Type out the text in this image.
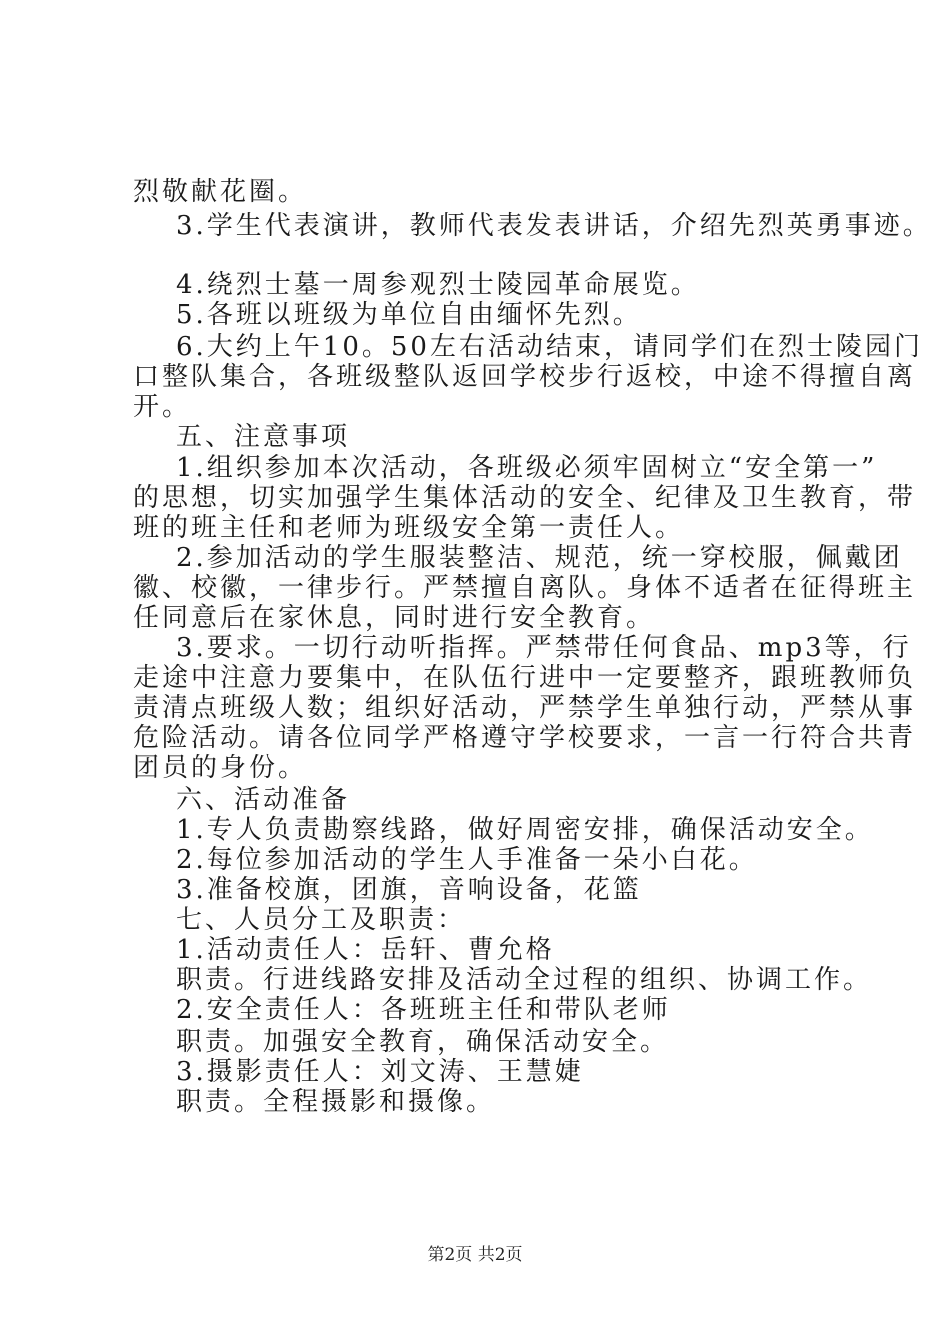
烈敬献花圈。
3.学生代表演讲，教师代表发表讲话，介绍先烈英勇事迹。
4.绕烈士墓一周参观烈士陵园革命展览。
5.各班以班级为单位自由缅怀先烈。
6.大约上午10。50左右活动结束，请同学们在烈士陵园门
口整队集合，各班级整队返回学校步行返校，中途不得擅自离
开。
五、注意事项
1.组织参加本次活动，各班级必须牢固树立“安全第一”
的思想，切实加强学生集体活动的安全、纪律及卫生教育，带
班的班主任和老师为班级安全第一责任人。
2.参加活动的学生服装整洁、规范，统一穿校服，佩戴团
徽、校徽，一律步行。严禁擅自离队。身体不适者在征得班主
任同意后在家休息，同时进行安全教育。
3.要求。一切行动听指挥。严禁带任何食品、mp3等，行
走途中注意力要集中，在队伍行进中一定要整齐，跟班教师负
责清点班级人数；组织好活动，严禁学生单独行动，严禁从事
危险活动。请各位同学严格遵守学校要求，一言一行符合共青
团员的身份。
六、活动准备
1.专人负责勘察线路，做好周密安排，确保活动安全。
2.每位参加活动的学生人手准备一朵小白花。
3.准备校旗，团旗，音响设备，花篮
七、人员分工及职责：
1.活动责任人：岳轩、曹允格
职责。行进线路安排及活动全过程的组织、协调工作。
2.安全责任人：各班班主任和带队老师
职责。加强安全教育，确保活动安全。
3.摄影责任人：刘文涛、王慧婕
职责。全程摄影和摄像。
第2页 共2页
